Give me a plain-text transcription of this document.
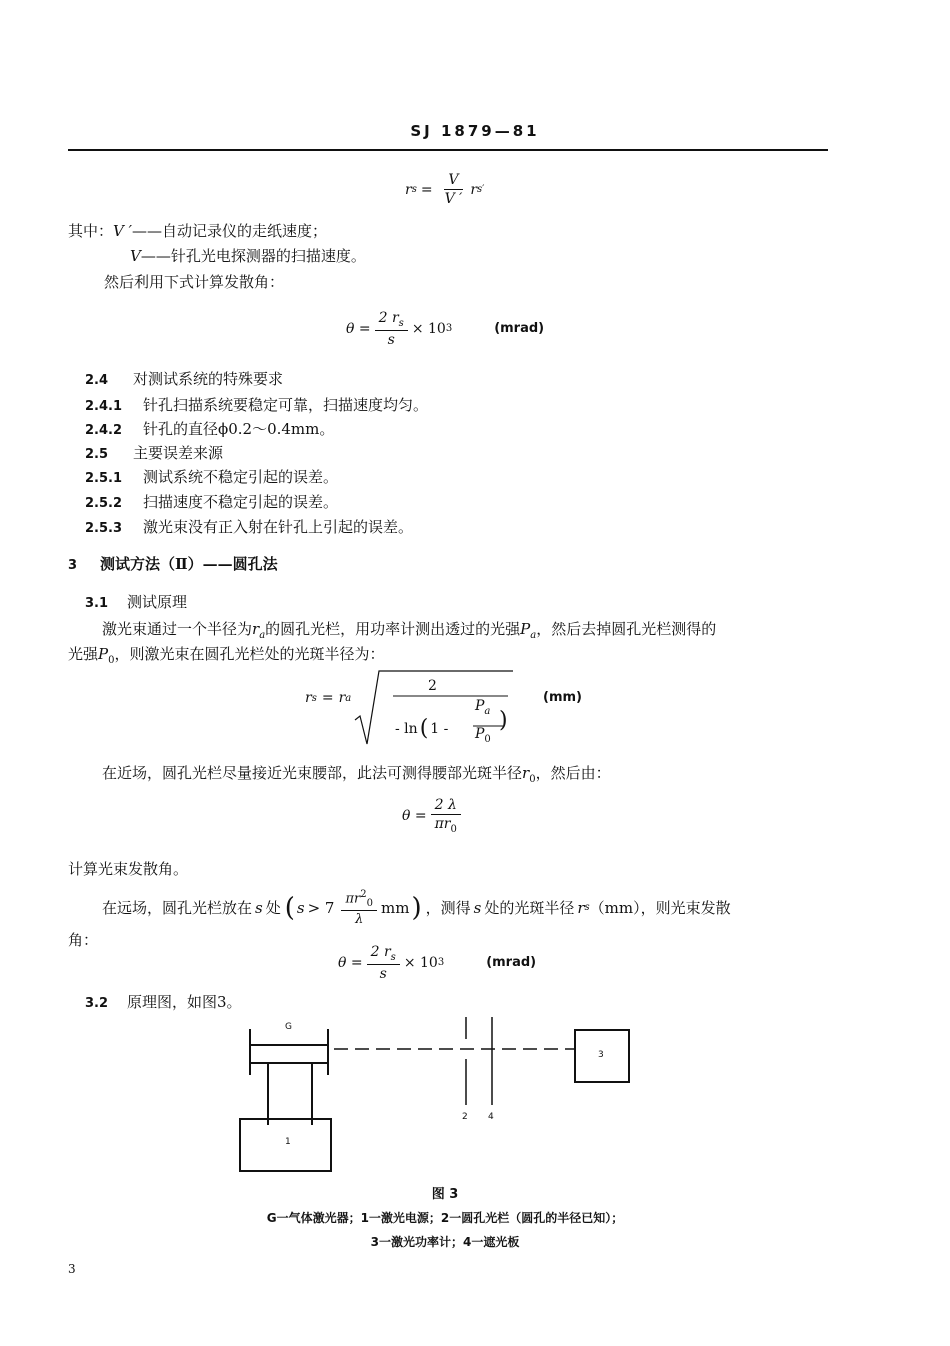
SJ 1879—81
r $s = \frac{V}{V '}$ r s ′
其中：V ′——自动记录仪的走纸速度；
V——针孔光电探测器的扫描速度。
然后利用下式计算发散角：
$\theta = \frac{2 r_s}{s} \times 10$ 3	(mrad)
2.4 对测试系统的特殊要求
2.4.1 针孔扫描系统要稳定可靠，扫描速度均匀。
2.4.2 针孔的直径ϕ0.2～0.4mm。
2.5 主要误差来源
2.5.1 测试系统不稳定引起的误差。
2.5.2 扫描速度不稳定引起的误差。
2.5.3 激光束没有正入射在针孔上引起的误差。
3 测试方法（Ⅱ）——圆孔法
3.1 测试原理
激光束通过一个半径为$r_a$的圆孔光栏，用功率计测出透过的光强$P_a$，然后去掉圆孔光栏测得的
光强$P_0$，则激光束在圆孔光栏处的光斑半径为：
r s = r a
2
- ln ( 1 -
$P_a$
$P_0$
)
(mm)
在近场，圆孔光栏尽量接近光束腰部，此法可测得腰部光斑半径$r_0$，然后由：
$\theta = \frac{2 \lambda}{\pi r_0}$
计算光束发散角。
在远场，圆孔光栏放在 s 处 ( $s > 7 \frac{\pi r^2_0}{\lambda}$ mm ) ，测得 s 处的光斑半径 r s （mm），则光束发散
角：
$\theta = \frac{2 r_s}{s} \times 10$ 3	(mrad)
3.2 原理图，如图3。
G
1
2 4
3
图 3
G一气体激光器；1一激光电源；2一圆孔光栏（圆孔的半径已知）；
3一激光功率计；4一遮光板
3
